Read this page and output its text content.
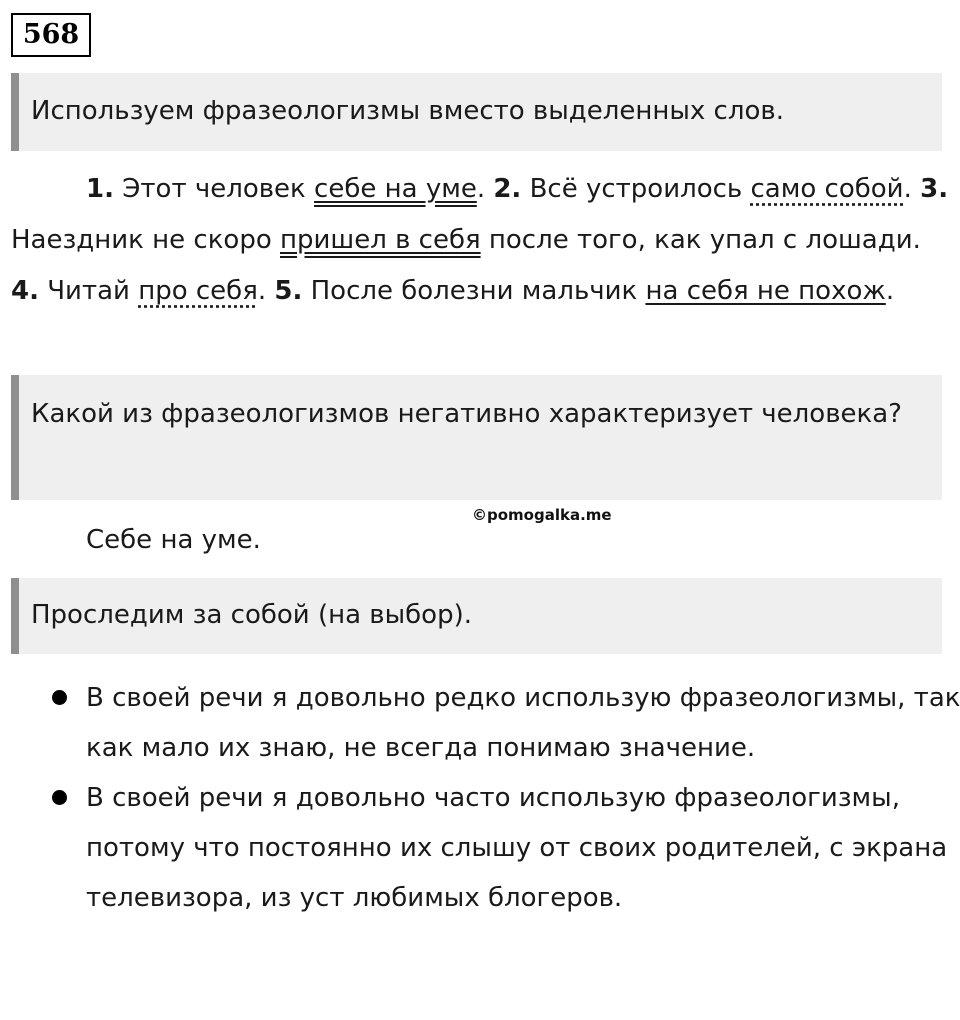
568
Используем фразеологизмы вместо выделенных слов.
1. Этот человек себе на уме. 2. Всё устроилось само собой. 3. Наездник не скоро пришел в себя после того, как упал с лошади. 4. Читай про себя. 5. После болезни мальчик на себя не похож.
Какой из фразеологизмов негативно характеризует человека?
©pomogalka.me
Себе на уме.
Проследим за собой (на выбор).
В своей речи я довольно редко использую фразеологизмы, так как мало их знаю, не всегда понимаю значение.
В своей речи я довольно часто использую фразеологизмы, потому что постоянно их слышу от своих родителей, с экрана телевизора, из уст любимых блогеров.
